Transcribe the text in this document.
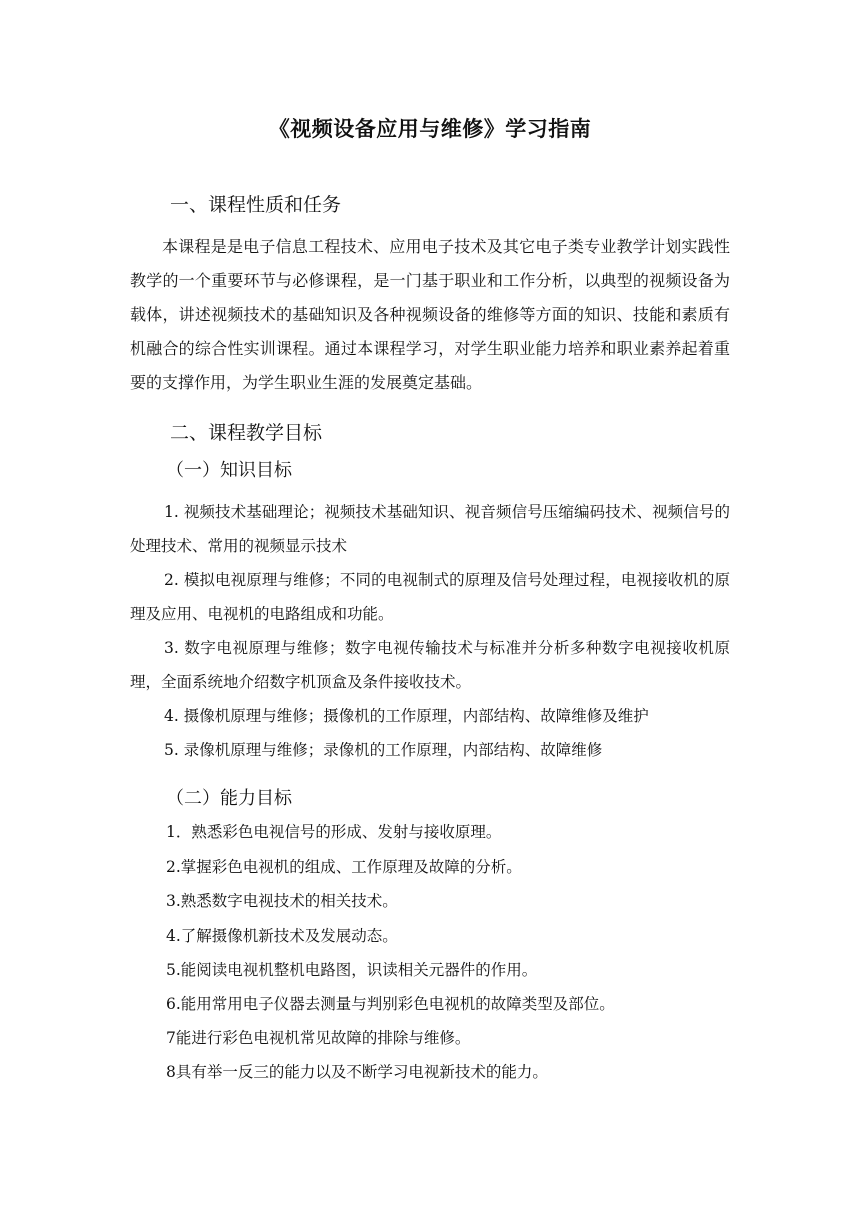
《视频设备应用与维修》学习指南
一、课程性质和任务
本课程是是电子信息工程技术、应用电子技术及其它电子类专业教学计划实践性教学的一个重要环节与必修课程，是一门基于职业和工作分析，以典型的视频设备为载体，讲述视频技术的基础知识及各种视频设备的维修等方面的知识、技能和素质有机融合的综合性实训课程。通过本课程学习，对学生职业能力培养和职业素养起着重要的支撑作用，为学生职业生涯的发展奠定基础。
二、课程教学目标
（一）知识目标
1. 视频技术基础理论；视频技术基础知识、视音频信号压缩编码技术、视频信号的处理技术、常用的视频显示技术
2. 模拟电视原理与维修；不同的电视制式的原理及信号处理过程，电视接收机的原理及应用、电视机的电路组成和功能。
3. 数字电视原理与维修；数字电视传输技术与标准并分析多种数字电视接收机原理，全面系统地介绍数字机顶盒及条件接收技术。
4. 摄像机原理与维修；摄像机的工作原理，内部结构、故障维修及维护
5. 录像机原理与维修；录像机的工作原理，内部结构、故障维修
（二）能力目标
1．熟悉彩色电视信号的形成、发射与接收原理。
2.掌握彩色电视机的组成、工作原理及故障的分析。
3.熟悉数字电视技术的相关技术。
4.了解摄像机新技术及发展动态。
5.能阅读电视机整机电路图，识读相关元器件的作用。
6.能用常用电子仪器去测量与判别彩色电视机的故障类型及部位。
7能进行彩色电视机常见故障的排除与维修。
8具有举一反三的能力以及不断学习电视新技术的能力。
